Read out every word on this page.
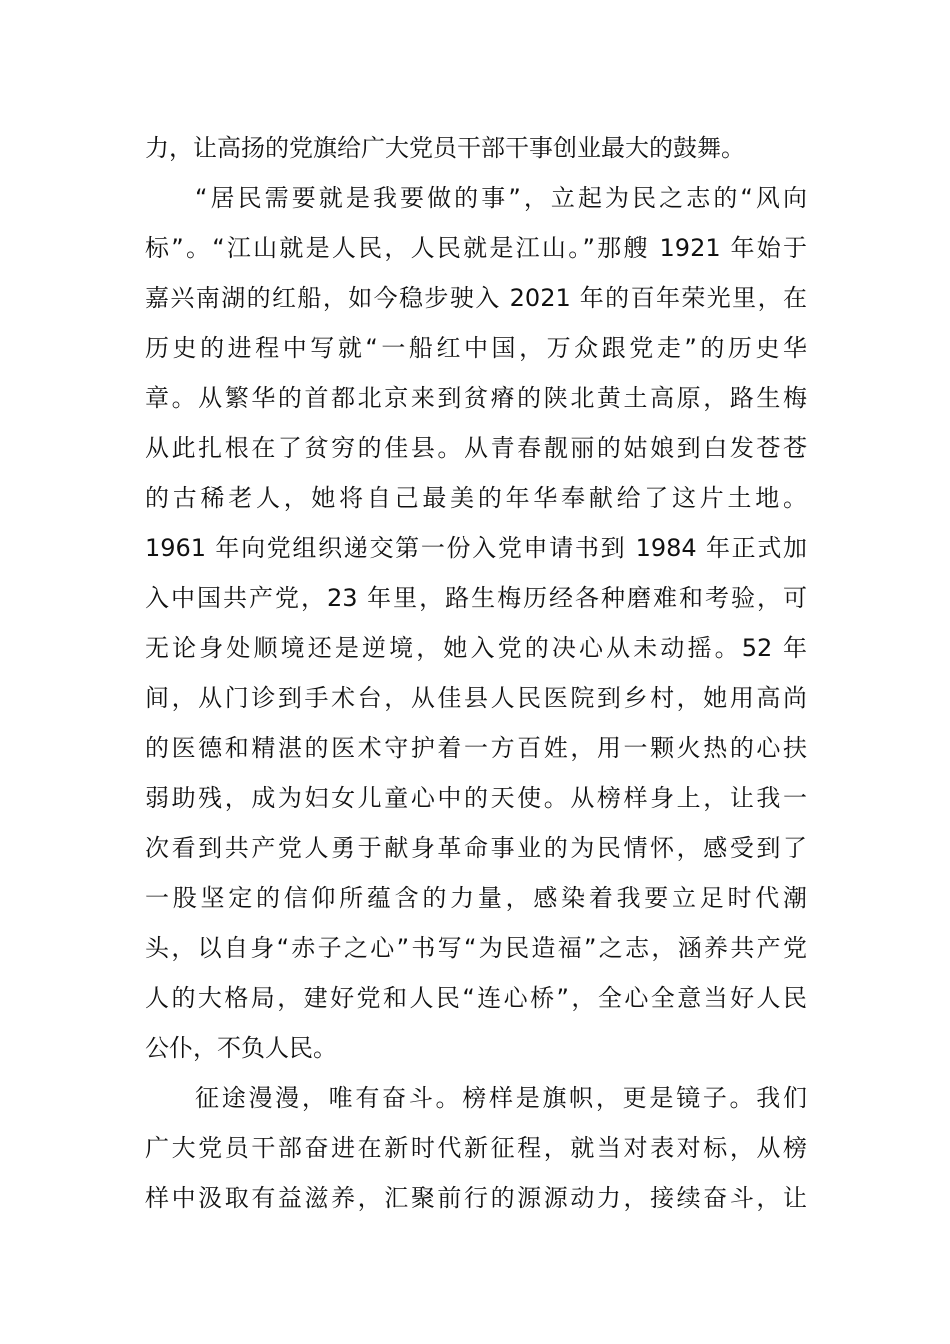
力，让高扬的党旗给广大党员干部干事创业最大的鼓舞。
“居民需要就是我要做的事”，立起为民之志的“风向
标”。“江山就是人民，人民就是江山。”那艘 1921 年始于
嘉兴南湖的红船，如今稳步驶入 2021 年的百年荣光里，在
历史的进程中写就“一船红中国，万众跟党走”的历史华
章。从繁华的首都北京来到贫瘠的陕北黄土高原，路生梅
从此扎根在了贫穷的佳县。从青春靓丽的姑娘到白发苍苍
的古稀老人，她将自己最美的年华奉献给了这片土地。
1961 年向党组织递交第一份入党申请书到 1984 年正式加
入中国共产党，23 年里，路生梅历经各种磨难和考验，可
无论身处顺境还是逆境，她入党的决心从未动摇。52 年
间，从门诊到手术台，从佳县人民医院到乡村，她用高尚
的医德和精湛的医术守护着一方百姓，用一颗火热的心扶
弱助残，成为妇女儿童心中的天使。从榜样身上，让我一
次看到共产党人勇于献身革命事业的为民情怀，感受到了
一股坚定的信仰所蕴含的力量，感染着我要立足时代潮
头，以自身“赤子之心”书写“为民造福”之志，涵养共产党
人的大格局，建好党和人民“连心桥”，全心全意当好人民
公仆，不负人民。
征途漫漫，唯有奋斗。榜样是旗帜，更是镜子。我们
广大党员干部奋进在新时代新征程，就当对表对标，从榜
样中汲取有益滋养，汇聚前行的源源动力，接续奋斗，让
